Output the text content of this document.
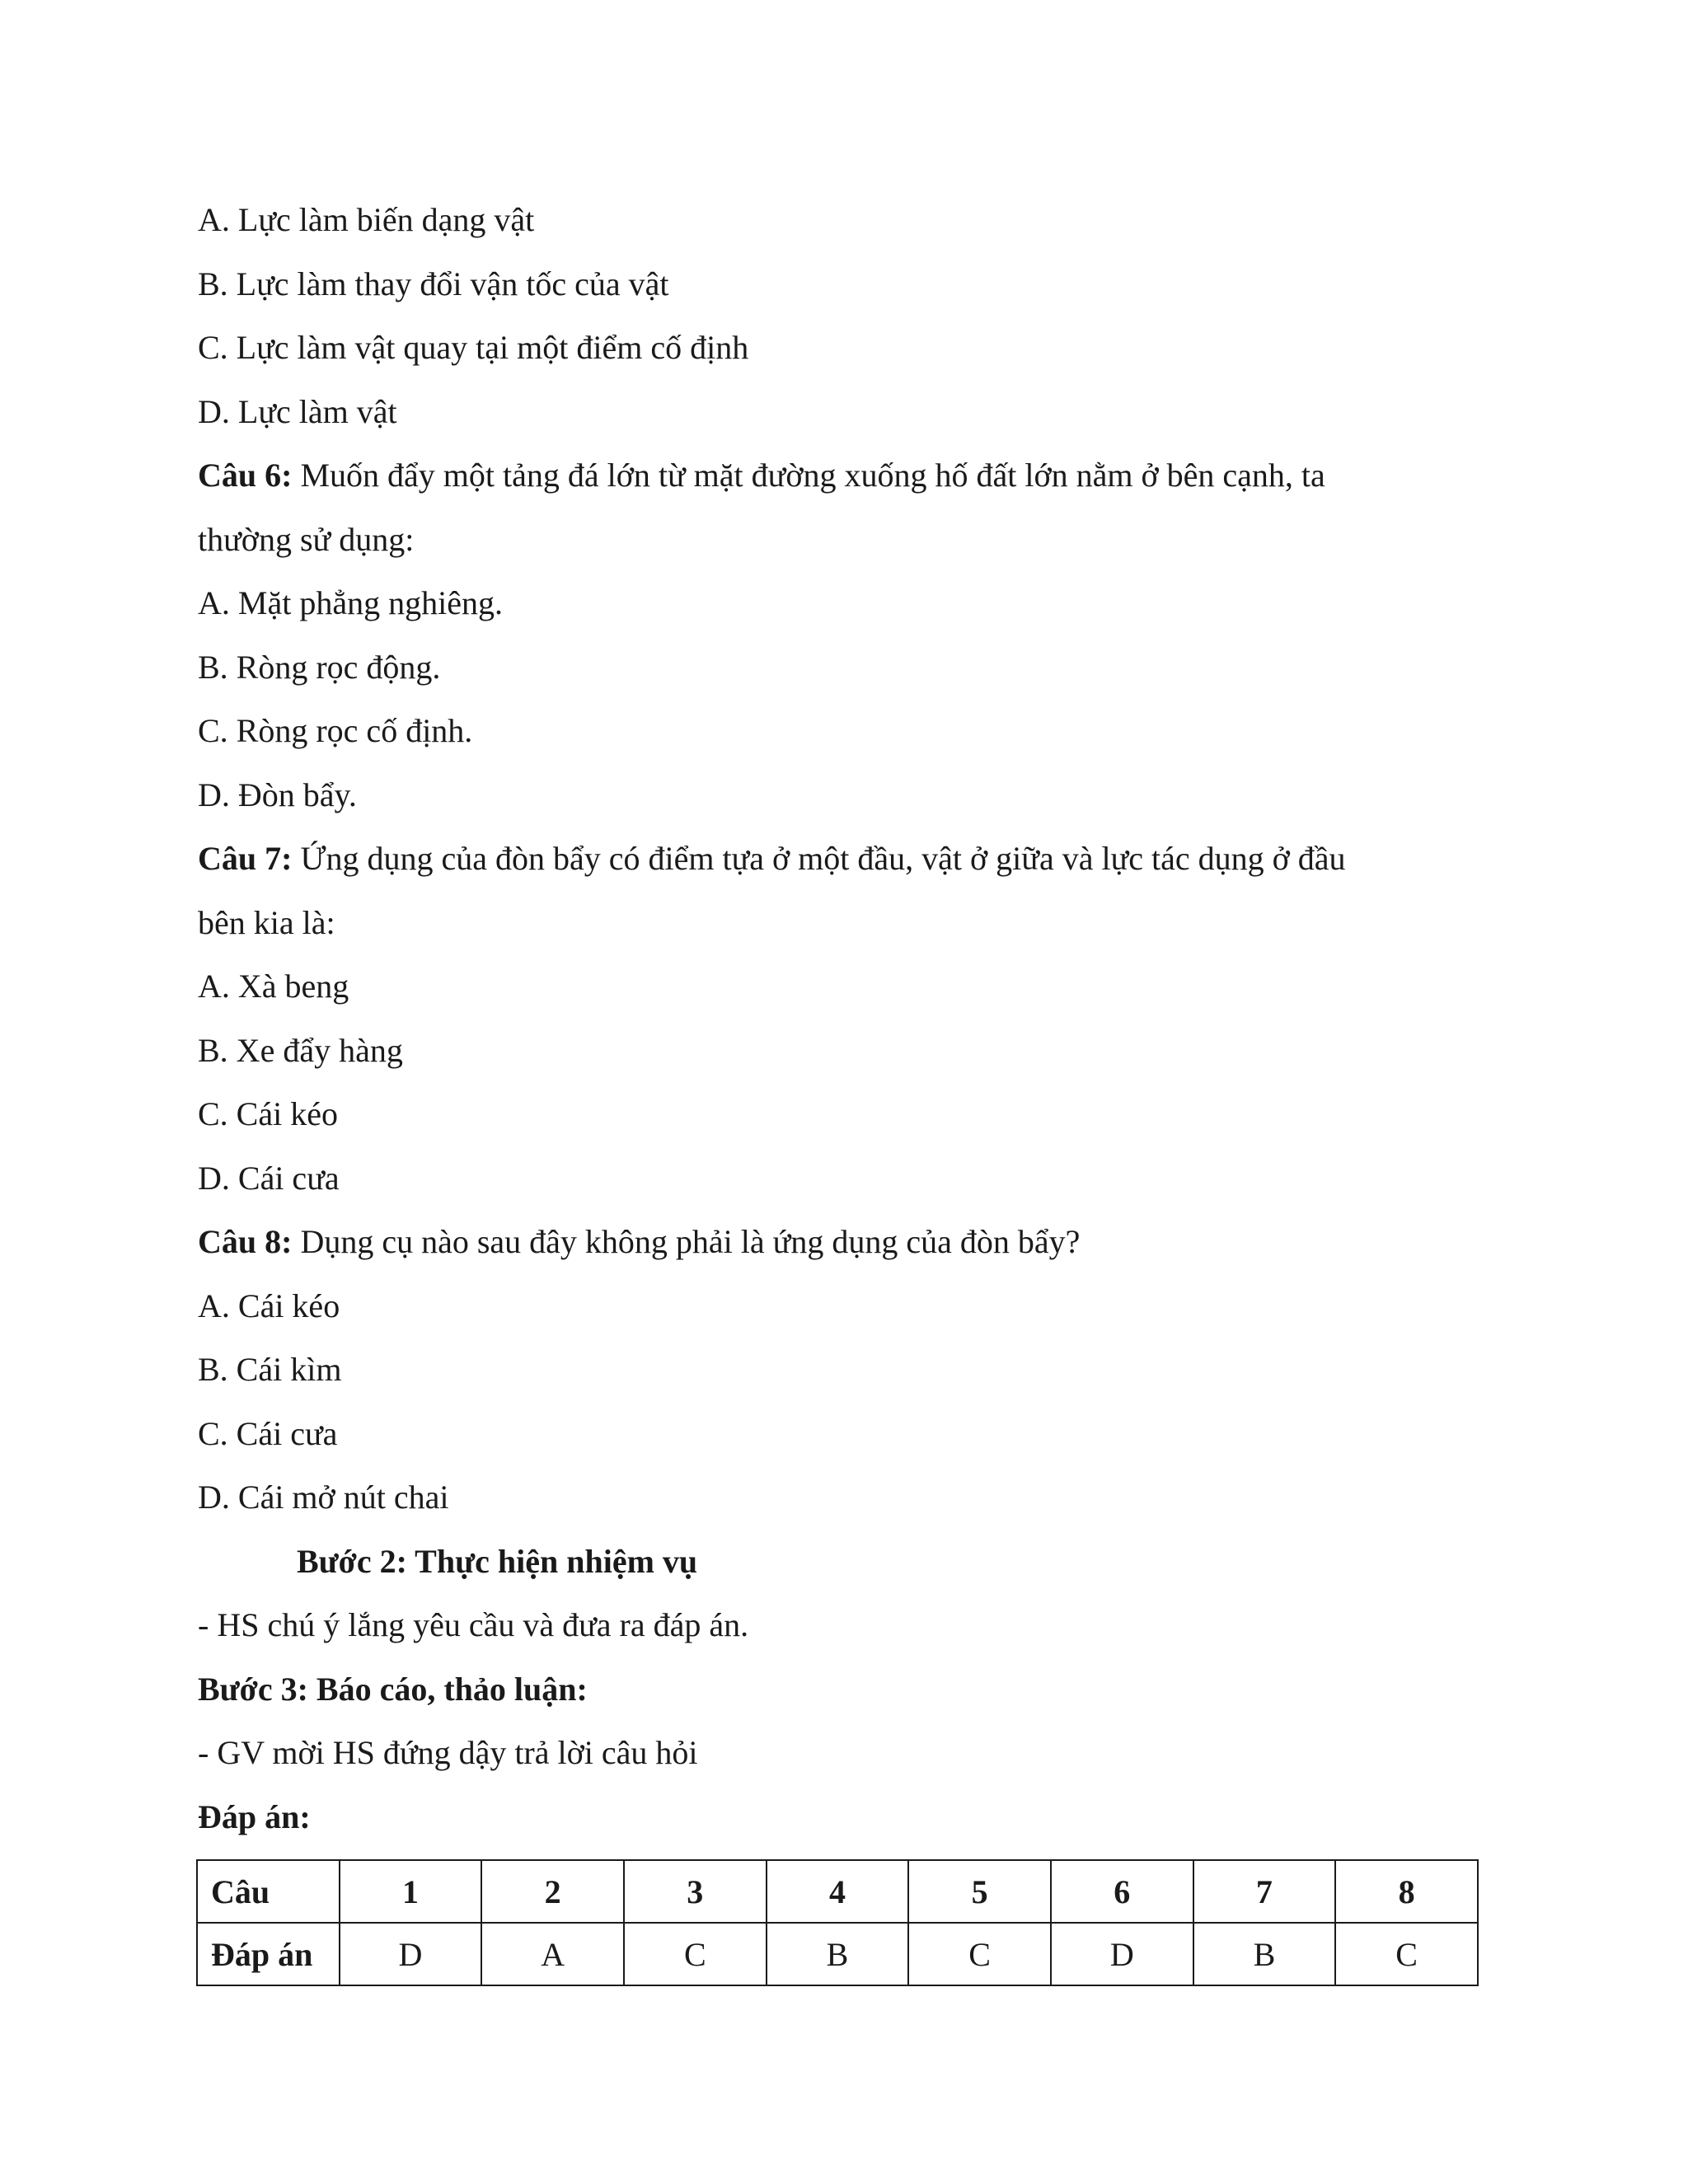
A. Lực làm biến dạng vật
B. Lực làm thay đổi vận tốc của vật
C. Lực làm vật quay tại một điểm cố định
D. Lực làm vật
Câu 6: Muốn đẩy một tảng đá lớn từ mặt đường xuống hố đất lớn nằm ở bên cạnh, ta
thường sử dụng:
A. Mặt phẳng nghiêng.
B. Ròng rọc động.
C. Ròng rọc cố định.
D. Đòn bẩy.
Câu 7: Ứng dụng của đòn bẩy có điểm tựa ở một đầu, vật ở giữa và lực tác dụng ở đầu
bên kia là:
A. Xà beng
B. Xe đẩy hàng
C. Cái kéo
D. Cái cưa
Câu 8: Dụng cụ nào sau đây không phải là ứng dụng của đòn bẩy?
A. Cái kéo
B. Cái kìm
C. Cái cưa
D. Cái mở nút chai
Bước 2: Thực hiện nhiệm vụ
- HS chú ý lắng yêu cầu và đưa ra đáp án.
Bước 3: Báo cáo, thảo luận:
- GV mời HS đứng dậy trả lời câu hỏi
Đáp án:
Câu	1	2	3	4	5	6	7	8
Đáp án	D	A	C	B	C	D	B	C
